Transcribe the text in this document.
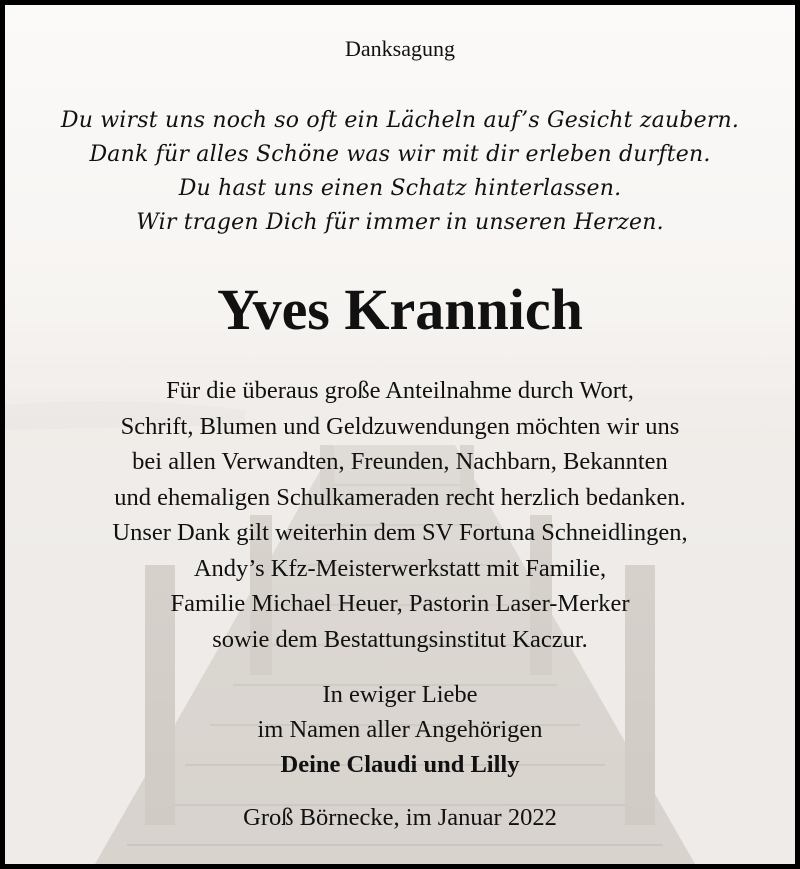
Danksagung
Du wirst uns noch so oft ein Lächeln auf’s Gesicht zaubern.
Dank für alles Schöne was wir mit dir erleben durften.
Du hast uns einen Schatz hinterlassen.
Wir tragen Dich für immer in unseren Herzen.
Yves Krannich
Für die überaus große Anteilnahme durch Wort,
Schrift, Blumen und Geldzuwendungen möchten wir uns
bei allen Verwandten, Freunden, Nachbarn, Bekannten
und ehemaligen Schulkameraden recht herzlich bedanken.
Unser Dank gilt weiterhin dem SV Fortuna Schneidlingen,
Andy’s Kfz-Meisterwerkstatt mit Familie,
Familie Michael Heuer, Pastorin Laser-Merker
sowie dem Bestattungsinstitut Kaczur.
In ewiger Liebe
im Namen aller Angehörigen
Deine Claudi und Lilly
Groß Börnecke, im Januar 2022
